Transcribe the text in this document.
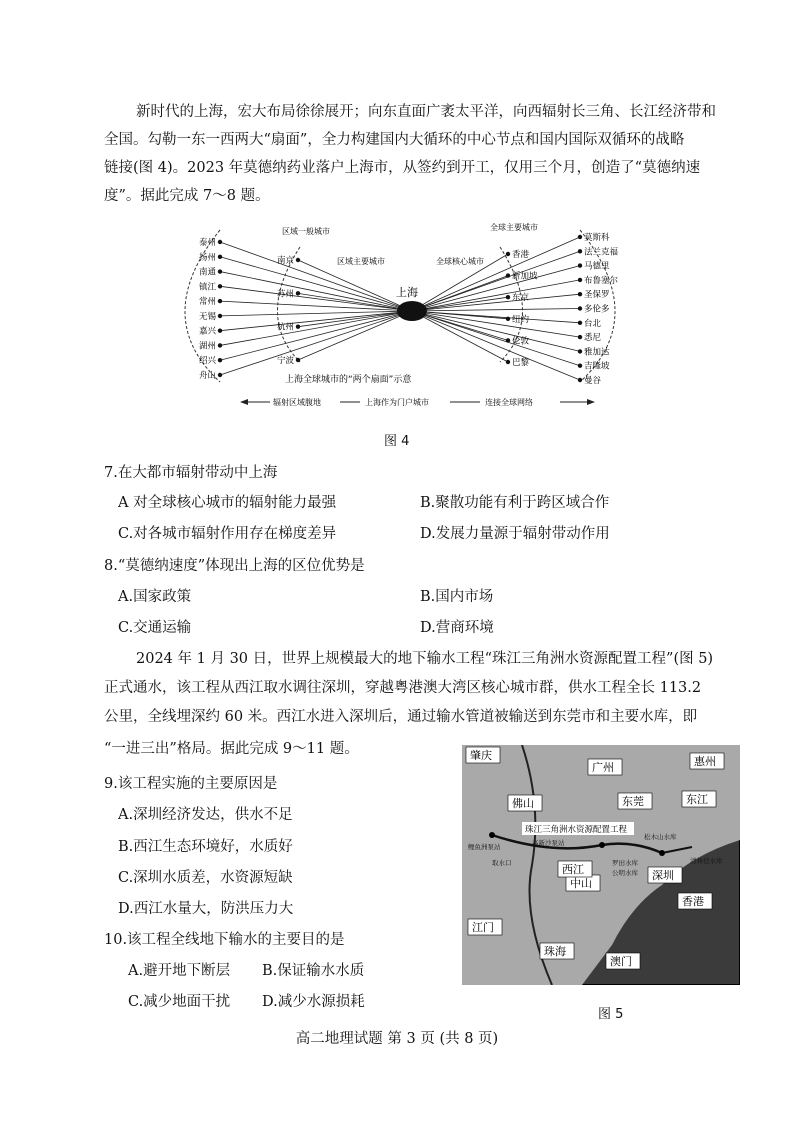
新时代的上海，宏大布局徐徐展开；向东直面广袤太平洋，向西辐射长三角、长江经济带和
全国。勾勒一东一西两大“扇面”，全力构建国内大循环的中心节点和国内国际双循环的战略
链接(图 4)。2023 年莫德纳药业落户上海市，从签约到开工，仅用三个月，创造了“莫德纳速
度”。据此完成 7～8 题。
上海
区域一般城市
区域主要城市
全球主要城市
全球核心城市
泰州
扬州
南通
镇江
常州
无锡
嘉兴
湖州
绍兴
舟山
南京
苏州
杭州
宁波
香港
新加坡
东京
纽约
伦敦
巴黎
莫斯科
法兰克福
马德里
布鲁塞尔
圣保罗
多伦多
台北
悉尼
雅加达
吉隆坡
曼谷
上海全球城市的“两个扇面”示意
辐射区域腹地	上海作为门户城市	连接全球网络
图 4
7.在大都市辐射带动中上海
A 对全球核心城市的辐射能力最强	B.聚散功能有利于跨区域合作
C.对各城市辐射作用存在梯度差异	D.发展力量源于辐射带动作用
8.“莫德纳速度”体现出上海的区位优势是
A.国家政策	B.国内市场
C.交通运输	D.营商环境
2024 年 1 月 30 日，世界上规模最大的地下输水工程“珠江三角洲水资源配置工程”(图 5)
正式通水，该工程从西江取水调往深圳，穿越粤港澳大湾区核心城市群，供水工程全长 113.2
公里，全线埋深约 60 米。西江水进入深圳后，通过输水管道被输送到东莞市和主要水库，即
“一进三出”格局。据此完成 9～11 题。
9.该工程实施的主要原因是
A.深圳经济发达，供水不足
B.西江生态环境好，水质好
C.深圳水质差，水资源短缺
D.西江水量大，防洪压力大
10.该工程全线地下输水的主要目的是
A.避开地下断层 B.保证输水水质
C.减少地面干扰 D.减少水源损耗
珠江三角洲水资源配置工程
肇庆
广州	惠州
佛山	东莞	东江
中山
深圳
香港
江门
珠海
澳门
西江
鲤鱼洲泵站	高新沙泵站
取水口	罗田水库
公明水库
松木山水库
清林径水库
图 5
高二地理试题 第 3 页 (共 8 页)
